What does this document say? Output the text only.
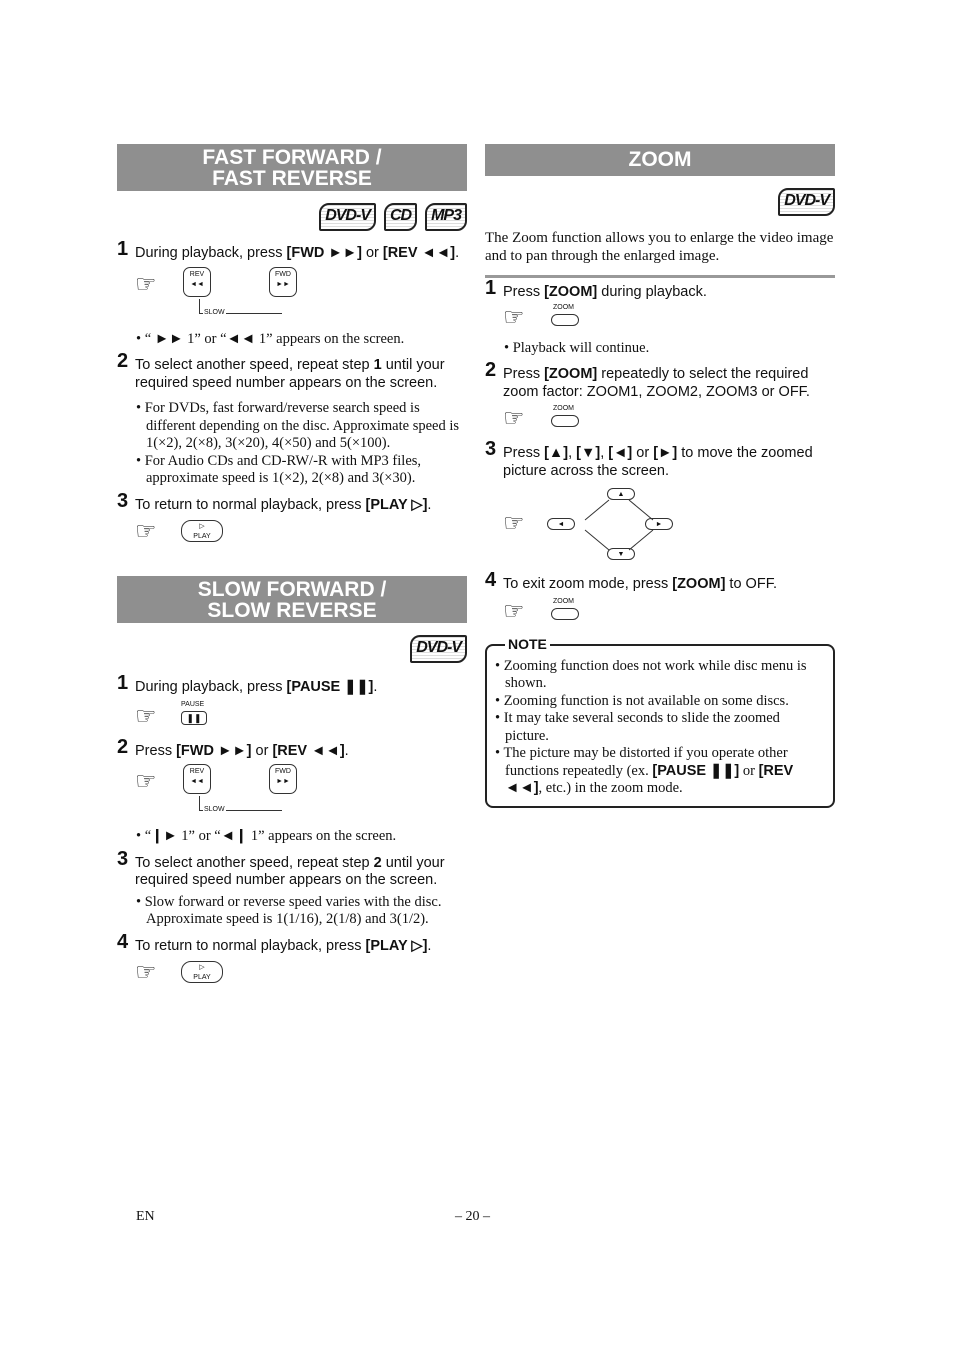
FAST FORWARD /
FAST REVERSE
DVD-V	CD	MP3
1 During playback, press [FWD ►►] or [REV ◄◄].
☞	REV
◄◄
FWD
►►
SLOW
• “ ►► 1” or “◄◄ 1” appears on the screen.
2 To select another speed, repeat step 1 until your required speed number appears on the screen.
• For DVDs, fast forward/reverse search speed is different depending on the disc. Approximate speed is 1(×2), 2(×8), 3(×20), 4(×50) and 5(×100).
• For Audio CDs and CD-RW/-R with MP3 files, approximate speed is 1(×2), 2(×8) and 3(×30).
3 To return to normal playback, press [PLAY ▷].
☞	▷
PLAY
SLOW FORWARD /
SLOW REVERSE
DVD-V
1 During playback, press [PAUSE ❚❚].
☞	PAUSE
❚❚
2 Press [FWD ►►] or [REV ◄◄].
☞	REV
◄◄
FWD
►►
SLOW
• “❙► 1” or “◄❙ 1” appears on the screen.
3 To select another speed, repeat step 2 until your required speed number appears on the screen.
• Slow forward or reverse speed varies with the disc. Approximate speed is 1(1/16), 2(1/8) and 3(1/2).
4 To return to normal playback, press [PLAY ▷].
☞	▷
PLAY
ZOOM
DVD-V
The Zoom function allows you to enlarge the video image and to pan through the enlarged image.
1 Press [ZOOM] during playback.
☞	ZOOM
• Playback will continue.
2 Press [ZOOM] repeatedly to select the required zoom factor: ZOOM1, ZOOM2, ZOOM3 or OFF.
☞	ZOOM
3 Press [▲], [▼], [◄] or [►] to move the zoomed picture across the screen.
☞
▲
◄	►
▼
4 To exit zoom mode, press [ZOOM] to OFF.
☞	ZOOM
NOTE
• Zooming function does not work while disc menu is shown.
• Zooming function is not available on some discs.
• It may take several seconds to slide the zoomed picture.
• The picture may be distorted if you operate other functions repeatedly (ex. [PAUSE ❚❚] or [REV ◄◄], etc.) in the zoom mode.
EN	– 20 –
